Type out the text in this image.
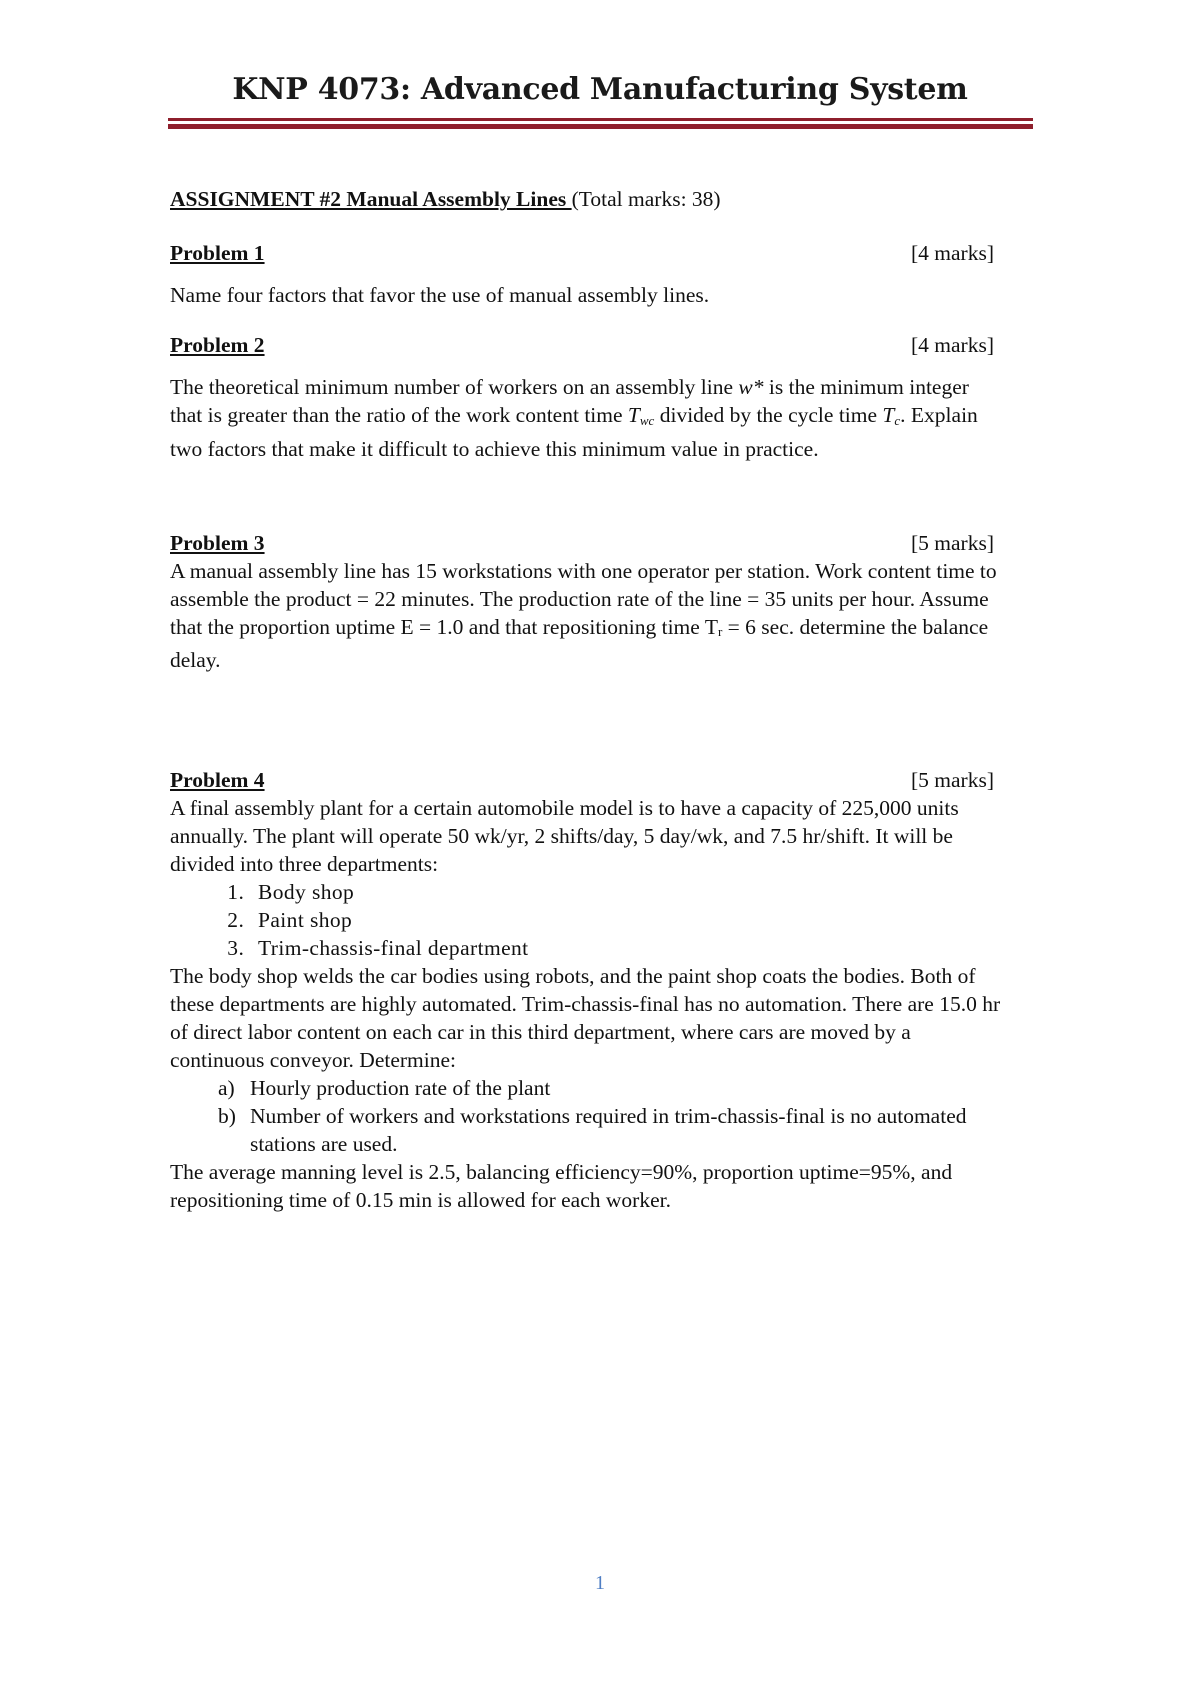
KNP 4073: Advanced Manufacturing System

ASSIGNMENT #2 Manual Assembly Lines (Total marks: 38)

Problem 1	[4 marks]

Name four factors that favor the use of manual assembly lines.

Problem 2	[4 marks]

The theoretical minimum number of workers on an assembly line w* is the minimum integer that is greater than the ratio of the work content time $T_{wc}$ divided by the cycle time $T_c$. Explain two factors that make it difficult to achieve this minimum value in practice.

Problem 3	[5 marks]

A manual assembly line has 15 workstations with one operator per station. Work content time to assemble the product = 22 minutes. The production rate of the line = 35 units per hour. Assume that the proportion uptime E = 1.0 and that repositioning time Tr = 6 sec. determine the balance delay.

Problem 4	[5 marks]

A final assembly plant for a certain automobile model is to have a capacity of 225,000 units annually. The plant will operate 50 wk/yr, 2 shifts/day, 5 day/wk, and 7.5 hr/shift. It will be divided into three departments:

1. Body shop
2. Paint shop
3. Trim-chassis-final department

The body shop welds the car bodies using robots, and the paint shop coats the bodies. Both of these departments are highly automated. Trim-chassis-final has no automation. There are 15.0 hr of direct labor content on each car in this third department, where cars are moved by a continuous conveyor. Determine:

a) Hourly production rate of the plant
b) Number of workers and workstations required in trim-chassis-final is no automated stations are used.

The average manning level is 2.5, balancing efficiency=90%, proportion uptime=95%, and repositioning time of 0.15 min is allowed for each worker.

1
